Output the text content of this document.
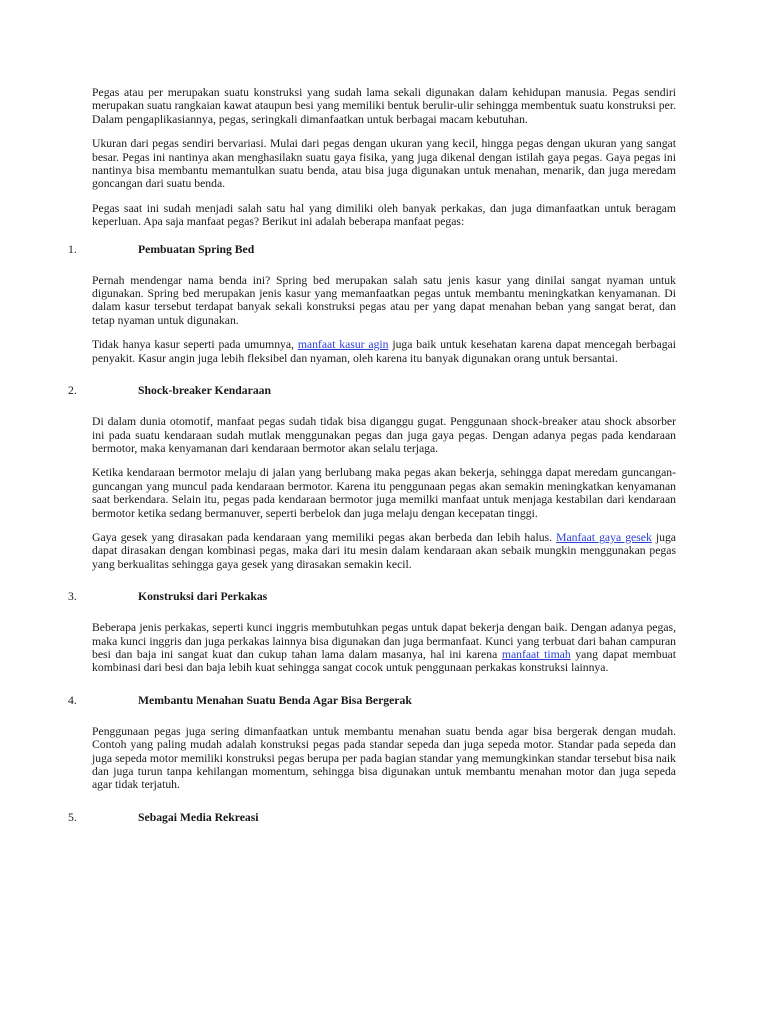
Pegas atau per merupakan suatu konstruksi yang sudah lama sekali digunakan dalam kehidupan manusia. Pegas sendiri merupakan suatu rangkaian kawat ataupun besi yang memiliki bentuk berulir-ulir sehingga membentuk suatu konstruksi per. Dalam pengaplikasiannya, pegas, seringkali dimanfaatkan untuk berbagai macam kebutuhan.

Ukuran dari pegas sendiri bervariasi. Mulai dari pegas dengan ukuran yang kecil, hingga pegas dengan ukuran yang sangat besar. Pegas ini nantinya akan menghasilakn suatu gaya fisika, yang juga dikenal dengan istilah gaya pegas. Gaya pegas ini nantinya bisa membantu memantulkan suatu benda, atau bisa juga digunakan untuk menahan, menarik, dan juga meredam goncangan dari suatu benda.

Pegas saat ini sudah menjadi salah satu hal yang dimiliki oleh banyak perkakas, dan juga dimanfaatkan untuk beragam keperluan. Apa saja manfaat pegas? Berikut ini adalah beberapa manfaat pegas:

1.	Pembuatan Spring Bed

Pernah mendengar nama benda ini? Spring bed merupakan salah satu jenis kasur yang dinilai sangat nyaman untuk digunakan. Spring bed merupakan jenis kasur yang memanfaatkan pegas untuk membantu meningkatkan kenyamanan. Di dalam kasur tersebut terdapat banyak sekali konstruksi pegas atau per yang dapat menahan beban yang sangat berat, dan tetap nyaman untuk digunakan.

Tidak hanya kasur seperti pada umumnya, manfaat kasur agin juga baik untuk kesehatan karena dapat mencegah berbagai penyakit. Kasur angin juga lebih fleksibel dan nyaman, oleh karena itu banyak digunakan orang untuk bersantai.

2.	Shock-breaker Kendaraan

Di dalam dunia otomotif, manfaat pegas sudah tidak bisa diganggu gugat. Penggunaan shock-breaker atau shock absorber ini pada suatu kendaraan sudah mutlak menggunakan pegas dan juga gaya pegas. Dengan adanya pegas pada kendaraan bermotor, maka kenyamanan dari kendaraan bermotor akan selalu terjaga.

Ketika kendaraan bermotor melaju di jalan yang berlubang maka pegas akan bekerja, sehingga dapat meredam guncangan-guncangan yang muncul pada kendaraan bermotor. Karena itu penggunaan pegas akan semakin meningkatkan kenyamanan saat berkendara. Selain itu, pegas pada kendaraan bermotor juga memilki manfaat untuk menjaga kestabilan dari kendaraan bermotor ketika sedang bermanuver, seperti berbelok dan juga melaju dengan kecepatan tinggi.

Gaya gesek yang dirasakan pada kendaraan yang memiliki pegas akan berbeda dan lebih halus. Manfaat gaya gesek juga dapat dirasakan dengan kombinasi pegas, maka dari itu mesin dalam kendaraan akan sebaik mungkin menggunakan pegas yang berkualitas sehingga gaya gesek yang dirasakan semakin kecil.

3.	Konstruksi dari Perkakas

Beberapa jenis perkakas, seperti kunci inggris membutuhkan pegas untuk dapat bekerja dengan baik. Dengan adanya pegas, maka kunci inggris dan juga perkakas lainnya bisa digunakan dan juga bermanfaat. Kunci yang terbuat dari bahan campuran besi dan baja ini sangat kuat dan cukup tahan lama dalam masanya, hal ini karena manfaat timah yang dapat membuat kombinasi dari besi dan baja lebih kuat sehingga sangat cocok untuk penggunaan perkakas konstruksi lainnya.

4.	Membantu Menahan Suatu Benda Agar Bisa Bergerak

Penggunaan pegas juga sering dimanfaatkan untuk membantu menahan suatu benda agar bisa bergerak dengan mudah. Contoh yang paling mudah adalah konstruksi pegas pada standar sepeda dan juga sepeda motor. Standar pada sepeda dan juga sepeda motor memiliki konstruksi pegas berupa per pada bagian standar yang memungkinkan standar tersebut bisa naik dan juga turun tanpa kehilangan momentum, sehingga bisa digunakan untuk membantu menahan motor dan juga sepeda agar tidak terjatuh.

5.	Sebagai Media Rekreasi
